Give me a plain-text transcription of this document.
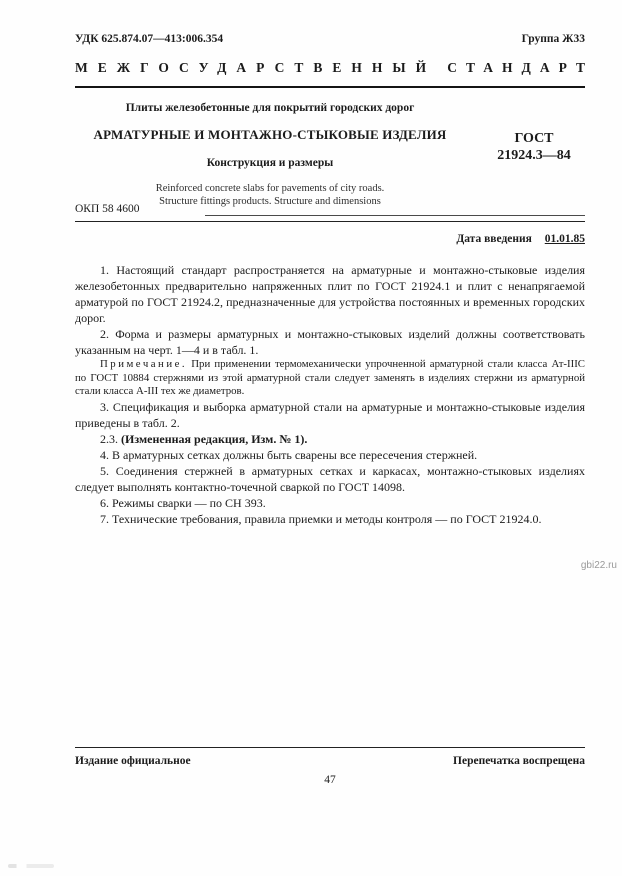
УДК 625.874.07—413:006.354	Группа Ж33
МЕЖГОСУДАРСТВЕННЫЙ СТАНДАРТ

Плиты железобетонные для покрытий городских дорог

АРМАТУРНЫЕ И МОНТАЖНО-СТЫКОВЫЕ ИЗДЕЛИЯ

Конструкция и размеры

Reinforced concrete slabs for pavements of city roads.
Structure fittings products. Structure and dimensions

ГОСТ
21924.3—84
ОКП 58 4600
Дата введения 01.01.85

1. Настоящий стандарт распространяется на арматурные и монтажно-стыковые изделия железобетонных предварительно напряженных плит по ГОСТ 21924.1 и плит с ненапрягаемой арматурой по ГОСТ 21924.2, предназначенные для устройства постоянных и временных городских дорог.

2. Форма и размеры арматурных и монтажно-стыковых изделий должны соответствовать указанным на черт. 1—4 и в табл. 1.

Примечание. При применении термомеханически упрочненной арматурной стали класса Ат-IIIC по ГОСТ 10884 стержнями из этой арматурной стали следует заменять в изделиях стержни из арматурной стали класса А-III тех же диаметров.

3. Спецификация и выборка арматурной стали на арматурные и монтажно-стыковые изделия приведены в табл. 2.

2.3. (Измененная редакция, Изм. № 1).

4. В арматурных сетках должны быть сварены все пересечения стержней.

5. Соединения стержней в арматурных сетках и каркасах, монтажно-стыковых изделиях следует выполнять контактно-точечной сваркой по ГОСТ 14098.

6. Режимы сварки — по СН 393.

7. Технические требования, правила приемки и методы контроля — по ГОСТ 21924.0.

gbi22.ru
Издание официальное	Перепечатка воспрещена
47
